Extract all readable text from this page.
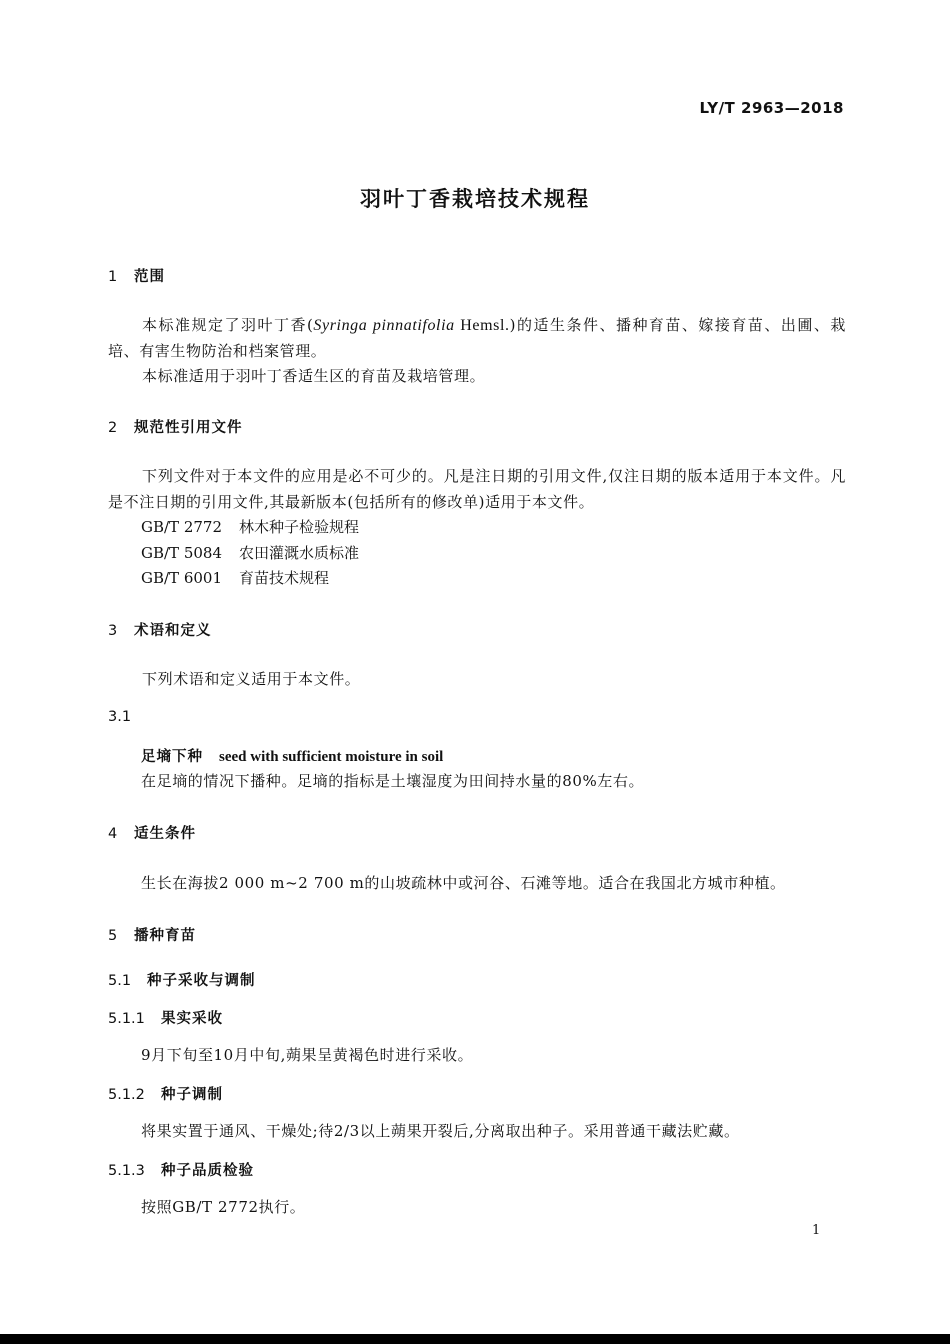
LY/T 2963—2018
羽叶丁香栽培技术规程
1 范围
本标准规定了羽叶丁香(Syringa pinnatifolia Hemsl.)的适生条件、播种育苗、嫁接育苗、出圃、栽培、有害生物防治和档案管理。
本标准适用于羽叶丁香适生区的育苗及栽培管理。
2 规范性引用文件
下列文件对于本文件的应用是必不可少的。凡是注日期的引用文件,仅注日期的版本适用于本文件。凡是不注日期的引用文件,其最新版本(包括所有的修改单)适用于本文件。
GB/T 2772 林木种子检验规程
GB/T 5084 农田灌溉水质标准
GB/T 6001 育苗技术规程
3 术语和定义
下列术语和定义适用于本文件。
3.1
足墒下种 seed with sufficient moisture in soil
在足墒的情况下播种。足墒的指标是土壤湿度为田间持水量的80%左右。
4 适生条件
生长在海拔2 000 m~2 700 m的山坡疏林中或河谷、石滩等地。适合在我国北方城市种植。
5 播种育苗
5.1 种子采收与调制
5.1.1 果实采收
9月下旬至10月中旬,蒴果呈黄褐色时进行采收。
5.1.2 种子调制
将果实置于通风、干燥处;待2/3以上蒴果开裂后,分离取出种子。采用普通干藏法贮藏。
5.1.3 种子品质检验
按照GB/T 2772执行。
1
